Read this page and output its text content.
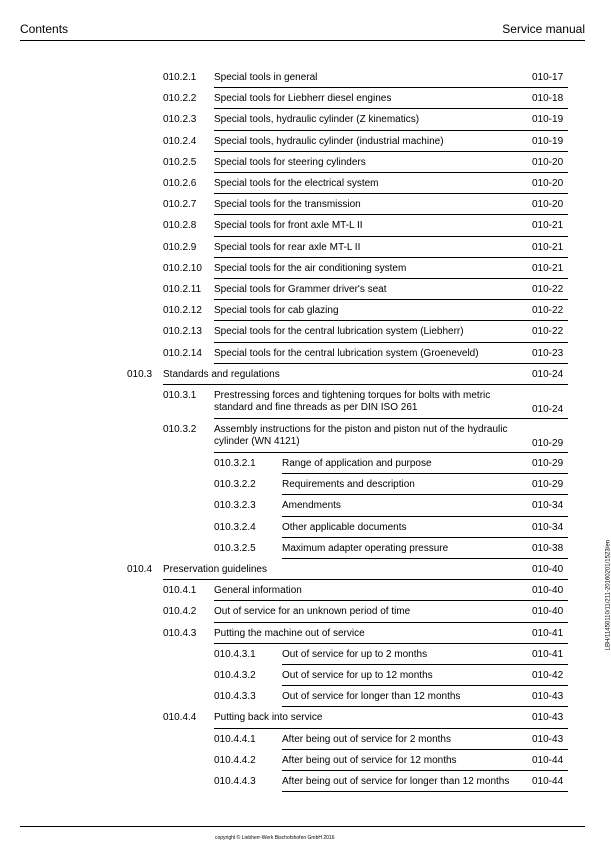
Contents	Service manual
010.2.1 Special tools in general	010-17
010.2.2 Special tools for Liebherr diesel engines	010-18
010.2.3 Special tools, hydraulic cylinder (Z kinematics)	010-19
010.2.4 Special tools, hydraulic cylinder (industrial machine)	010-19
010.2.5 Special tools for steering cylinders	010-20
010.2.6 Special tools for the electrical system	010-20
010.2.7 Special tools for the transmission	010-20
010.2.8 Special tools for front axle MT-L II	010-21
010.2.9 Special tools for rear axle MT-L II	010-21
010.2.10 Special tools for the air conditioning system	010-21
010.2.11 Special tools for Grammer driver's seat	010-22
010.2.12 Special tools for cab glazing	010-22
010.2.13 Special tools for the central lubrication system (Liebherr)	010-22
010.2.14 Special tools for the central lubrication system (Groeneveld)	010-23
010.3 Standards and regulations	010-24
010.3.1 Prestressing forces and tightening torques for bolts with metric standard and fine threads as per DIN ISO 261	010-24
010.3.2 Assembly instructions for the piston and piston nut of the hydraulic cylinder (WN 4121)	010-29
010.3.2.1	Range of application and purpose	010-29
010.3.2.2	Requirements and description	010-29
010.3.2.3	Amendments	010-34
010.3.2.4	Other applicable documents	010-34
010.3.2.5	Maximum adapter operating pressure	010-38
010.4 Preservation guidelines	010-40
010.4.1 General information	010-40
010.4.2 Out of service for an unknown period of time	010-40
010.4.3 Putting the machine out of service	010-41
010.4.3.1	Out of service for up to 2 months	010-41
010.4.3.2	Out of service for up to 12 months	010-42
010.4.3.3	Out of service for longer than 12 months	010-43
010.4.4 Putting back into service	010-43
010.4.4.1	After being out of service for 2 months	010-43
010.4.4.2	After being out of service for 12 months	010-44
010.4.4.3	After being out of service for longer than 12 months	010-44
LBH/11450110/11/211-20160201/1523/en
copyright © Liebherr-Werk Bischofshofen GmbH 2016
